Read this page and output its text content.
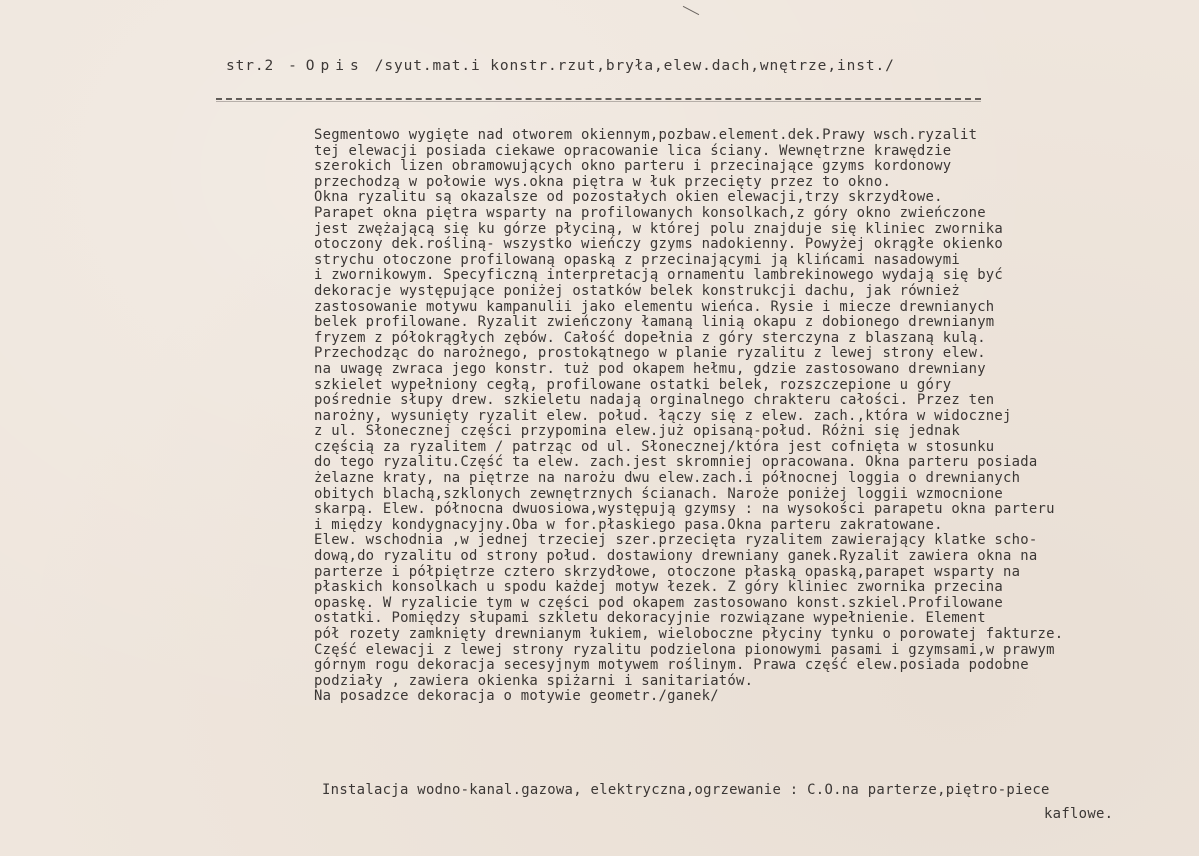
str.2 - Opis /syut.mat.i konstr.rzut,bryła,elew.dach,wnętrze,inst./
Segmentowo wygięte nad otworem okiennym,pozbaw.element.dek.Prawy wsch.ryzalit
tej elewacji posiada ciekawe opracowanie lica ściany. Wewnętrzne krawędzie
szerokich lizen obramowujących okno parteru i przecinające gzyms kordonowy
przechodzą w połowie wys.okna piętra w łuk przecięty przez to okno.
Okna ryzalitu są okazalsze od pozostałych okien elewacji,trzy skrzydłowe.
Parapet okna piętra wsparty na profilowanych konsolkach,z góry okno zwieńczone
jest zwężającą się ku górze płyciną, w której polu znajduje się kliniec zwornika
otoczony dek.rośliną- wszystko wieńczy gzyms nadokienny. Powyżej okrągłe okienko
strychu otoczone profilowaną opaską z przecinającymi ją klińcami nasadowymi
i zwornikowym. Specyficzną interpretacją ornamentu lambrekinowego wydają się być
dekoracje występujące poniżej ostatków belek konstrukcji dachu, jak również
zastosowanie motywu kampanulii jako elementu wieńca. Rysie i miecze drewnianych
belek profilowane. Ryzalit zwieńczony łamaną linią okapu z dobionego drewnianym
fryzem z półokrągłych zębów. Całość dopełnia z góry sterczyna z blaszaną kulą.
Przechodząc do narożnego, prostokątnego w planie ryzalitu z lewej strony elew.
na uwagę zwraca jego konstr. tuż pod okapem hełmu, gdzie zastosowano drewniany
szkielet wypełniony cegłą, profilowane ostatki belek, rozszczepione u góry
pośrednie słupy drew. szkieletu nadają orginalnego chrakteru całości. Przez ten
narożny, wysunięty ryzalit elew. połud. łączy się z elew. zach.,która w widocznej
z ul. Słonecznej części przypomina elew.już opisaną-połud. Różni się jednak
częścią za ryzalitem / patrząc od ul. Słonecznej/która jest cofnięta w stosunku
do tego ryzalitu.Część ta elew. zach.jest skromniej opracowana. Okna parteru posiada
żelazne kraty, na piętrze na narożu dwu elew.zach.i północnej loggia o drewnianych
obitych blachą,szklonych zewnętrznych ścianach. Naroże poniżej loggii wzmocnione
skarpą. Elew. północna dwuosiowa,występują gzymsy : na wysokości parapetu okna parteru
i między kondygnacyjny.Oba w for.płaskiego pasa.Okna parteru zakratowane.
Elew. wschodnia ,w jednej trzeciej szer.przecięta ryzalitem zawierający klatke scho-
dową,do ryzalitu od strony połud. dostawiony drewniany ganek.Ryzalit zawiera okna na
parterze i półpiętrze cztero skrzydłowe, otoczone płaską opaską,parapet wsparty na
płaskich konsolkach u spodu każdej motyw łezek. Z góry kliniec zwornika przecina
opaskę. W ryzalicie tym w części pod okapem zastosowano konst.szkiel.Profilowane
ostatki. Pomiędzy słupami szkletu dekoracyjnie rozwiązane wypełnienie. Element
pół rozety zamknięty drewnianym łukiem, wieloboczne płyciny tynku o porowatej fakturze.
Część elewacji z lewej strony ryzalitu podzielona pionowymi pasami i gzymsami,w prawym
górnym rogu dekoracja secesyjnym motywem roślinym. Prawa część elew.posiada podobne
podziały , zawiera okienka spiżarni i sanitariatów.
Na posadzce dekoracja o motywie geometr./ganek/
Instalacja wodno-kanal.gazowa, elektryczna,ogrzewanie : C.O.na parterze,piętro-piece
kaflowe.
